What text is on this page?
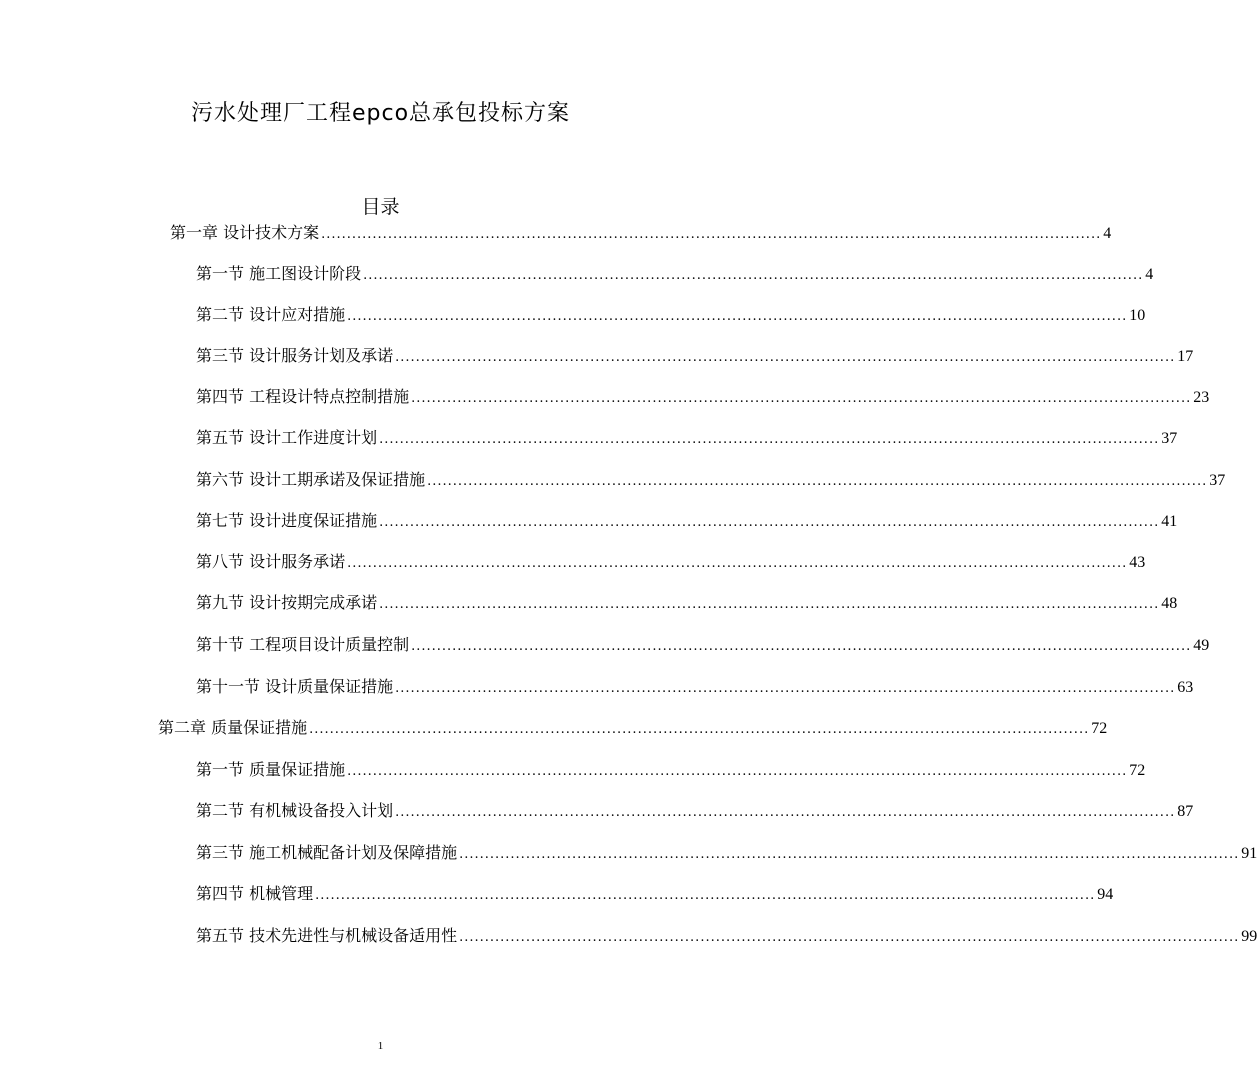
污水处理厂工程epco总承包投标方案
目录
第一章 设计技术方案 ........................................................................................................................................................ 4
第一节 施工图设计阶段 ........................................................................................................................................................ 4
第二节 设计应对措施 ........................................................................................................................................................ 10
第三节 设计服务计划及承诺 ........................................................................................................................................................ 17
第四节 工程设计特点控制措施 ........................................................................................................................................................ 23
第五节 设计工作进度计划 ........................................................................................................................................................ 37
第六节 设计工期承诺及保证措施 ........................................................................................................................................................ 37
第七节 设计进度保证措施 ........................................................................................................................................................ 41
第八节 设计服务承诺 ........................................................................................................................................................ 43
第九节 设计按期完成承诺 ........................................................................................................................................................ 48
第十节 工程项目设计质量控制 ........................................................................................................................................................ 49
第十一节 设计质量保证措施 ........................................................................................................................................................ 63
第二章 质量保证措施 ........................................................................................................................................................ 72
第一节 质量保证措施 ........................................................................................................................................................ 72
第二节 有机械设备投入计划 ........................................................................................................................................................ 87
第三节 施工机械配备计划及保障措施 ........................................................................................................................................................ 91
第四节 机械管理 ........................................................................................................................................................ 94
第五节 技术先进性与机械设备适用性 ........................................................................................................................................................ 99
1
